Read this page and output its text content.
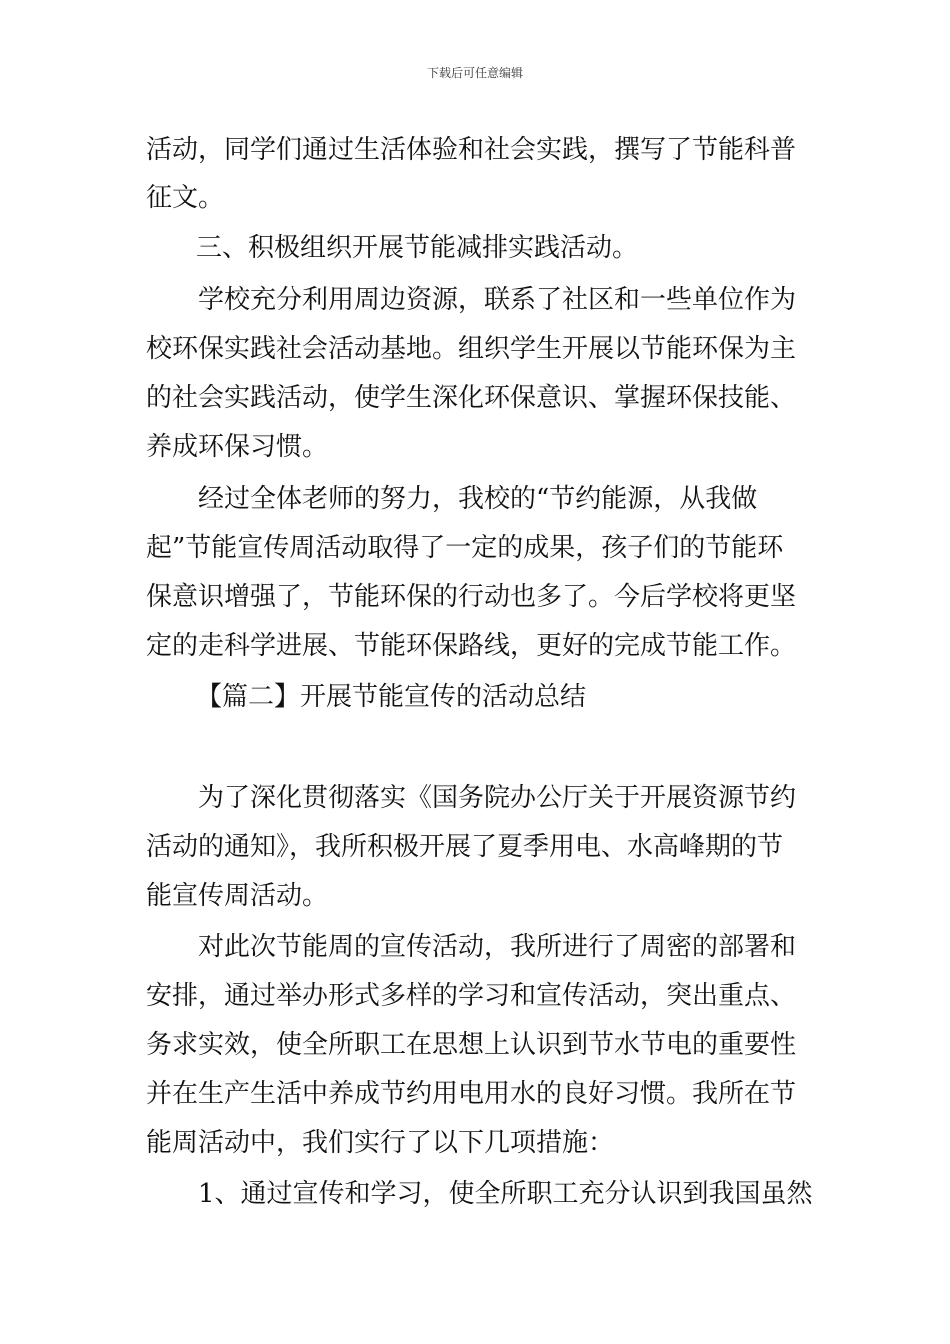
下载后可任意编辑
活动，同学们通过生活体验和社会实践，撰写了节能科普
征文。
三、积极组织开展节能减排实践活动。
学校充分利用周边资源，联系了社区和一些单位作为
校环保实践社会活动基地。组织学生开展以节能环保为主
的社会实践活动，使学生深化环保意识、掌握环保技能、
养成环保习惯。
经过全体老师的努力，我校的“节约能源，从我做
起”节能宣传周活动取得了一定的成果，孩子们的节能环
保意识增强了，节能环保的行动也多了。今后学校将更坚
定的走科学进展、节能环保路线，更好的完成节能工作。
【篇二】开展节能宣传的活动总结
为了深化贯彻落实《国务院办公厅关于开展资源节约
活动的通知》，我所积极开展了夏季用电、水高峰期的节
能宣传周活动。
对此次节能周的宣传活动，我所进行了周密的部署和
安排，通过举办形式多样的学习和宣传活动，突出重点、
务求实效，使全所职工在思想上认识到节水节电的重要性
并在生产生活中养成节约用电用水的良好习惯。我所在节
能周活动中，我们实行了以下几项措施：
1、通过宣传和学习，使全所职工充分认识到我国虽然
